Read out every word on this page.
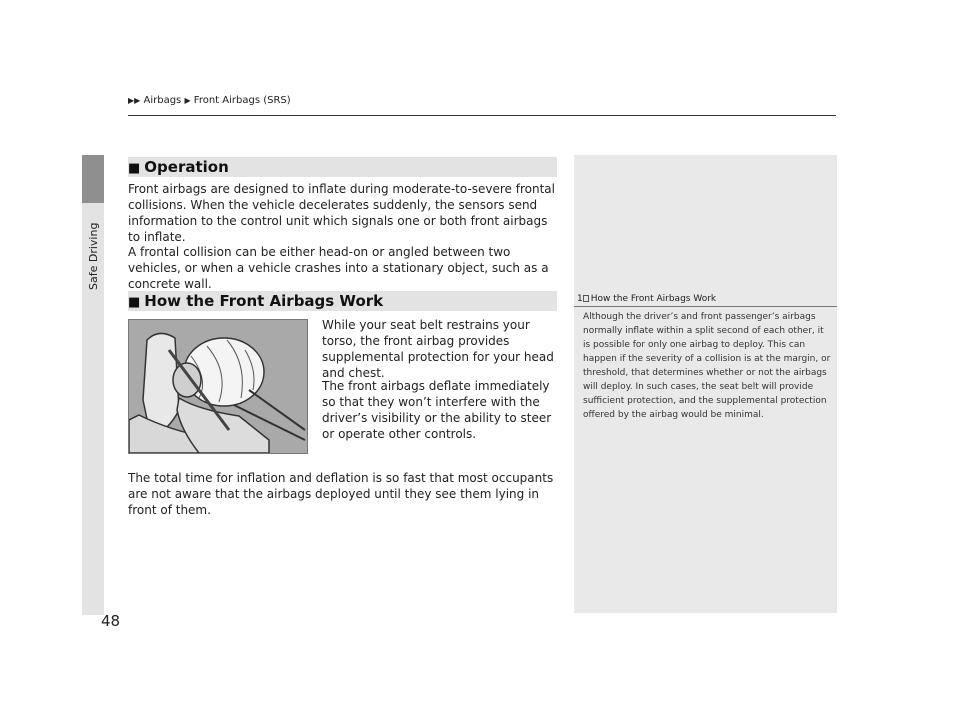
Safe Driving
▶▶ Airbags ▶ Front Airbags (SRS)
■ Operation

Front airbags are designed to inflate during moderate-to-severe frontal collisions. When the vehicle decelerates suddenly, the sensors send information to the control unit which signals one or both front airbags to inflate.

A frontal collision can be either head-on or angled between two vehicles, or when a vehicle crashes into a stationary object, such as a concrete wall.

■ How the Front Airbags Work

While your seat belt restrains your torso, the front airbag provides supplemental protection for your head and chest.

The front airbags deflate immediately so that they won’t interfere with the driver’s visibility or the ability to steer or operate other controls.

The total time for inflation and deflation is so fast that most occupants are not aware that the airbags deployed until they see them lying in front of them.

1 How the Front Airbags Work

Although the driver’s and front passenger’s airbags normally inflate within a split second of each other, it is possible for only one airbag to deploy. This can happen if the severity of a collision is at the margin, or threshold, that determines whether or not the airbags will deploy. In such cases, the seat belt will provide sufficient protection, and the supplemental protection offered by the airbag would be minimal.

48
